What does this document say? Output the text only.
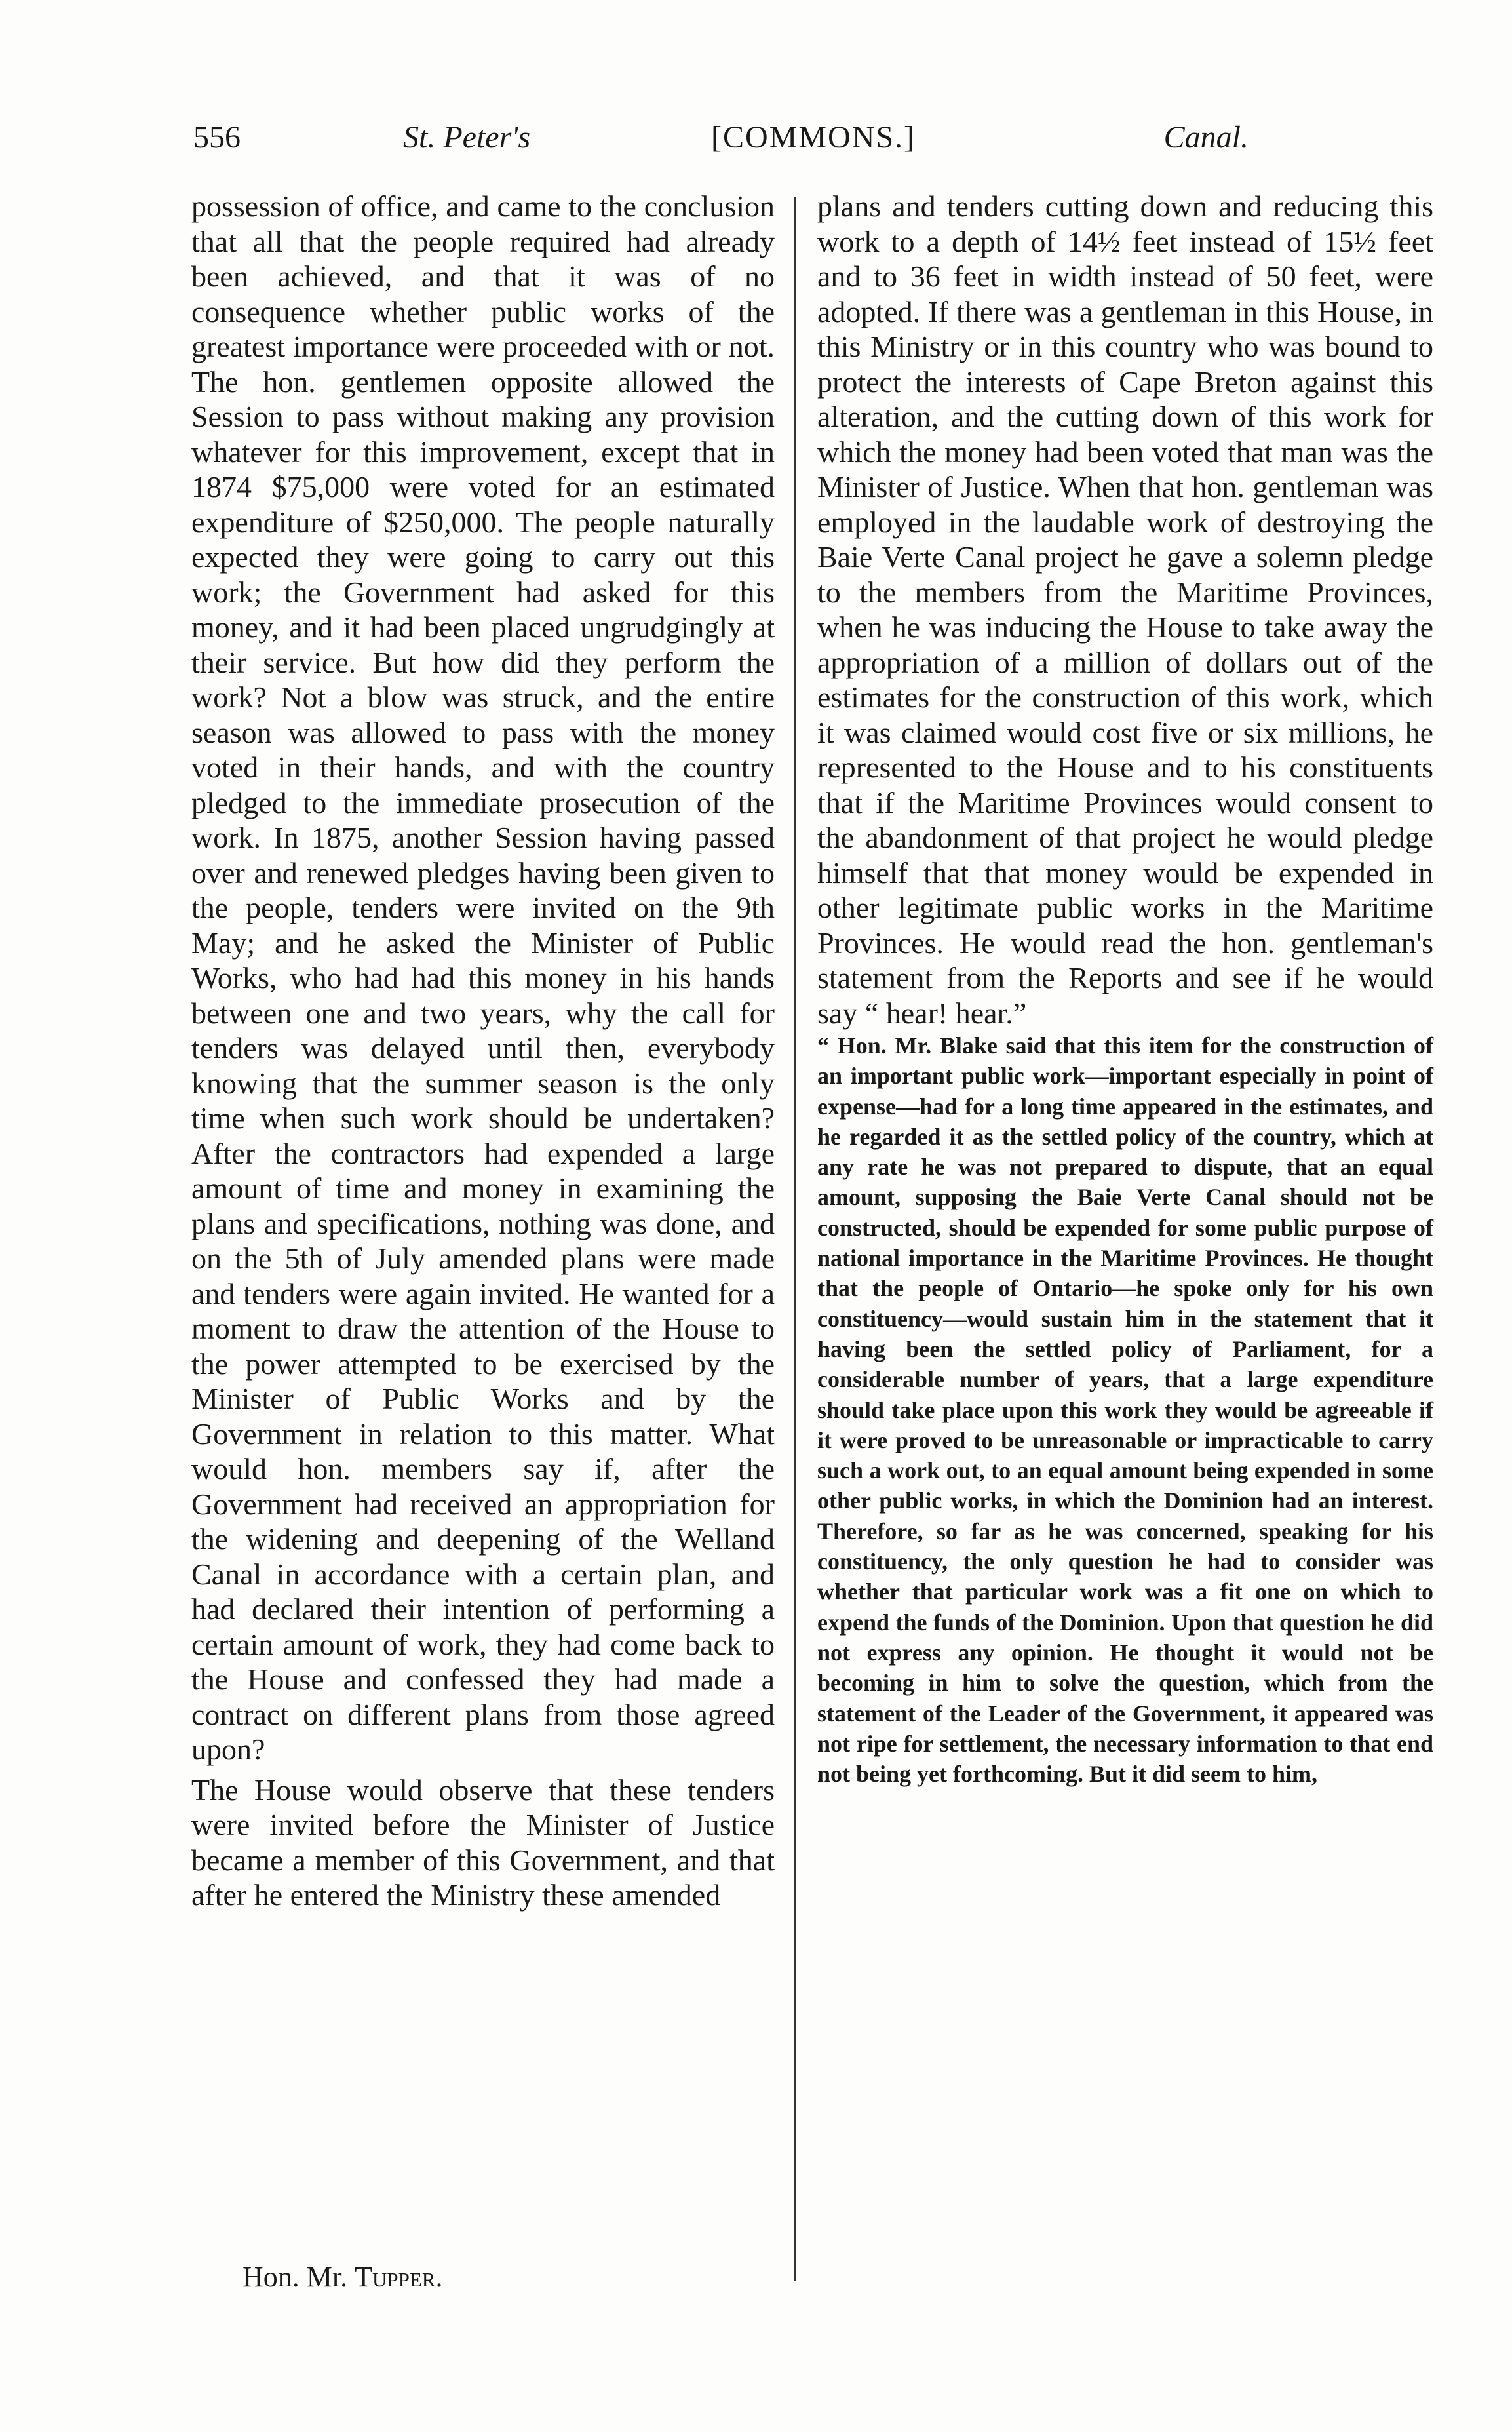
556	St. Peter's	[COMMONS.]	Canal.

possession of office, and came to the conclusion that all that the people required had already been achieved, and that it was of no consequence whether public works of the greatest importance were proceeded with or not. The hon. gentlemen opposite allowed the Session to pass without making any provision whatever for this improvement, except that in 1874 $75,000 were voted for an estimated expenditure of $250,000. The people naturally expected they were going to carry out this work; the Government had asked for this money, and it had been placed ungrudgingly at their service. But how did they perform the work? Not a blow was struck, and the entire season was allowed to pass with the money voted in their hands, and with the country pledged to the immediate prosecution of the work. In 1875, another Session having passed over and renewed pledges having been given to the people, tenders were invited on the 9th May; and he asked the Minister of Public Works, who had had this money in his hands between one and two years, why the call for tenders was delayed until then, everybody knowing that the summer season is the only time when such work should be undertaken? After the contractors had expended a large amount of time and money in examining the plans and specifications, nothing was done, and on the 5th of July amended plans were made and tenders were again invited. He wanted for a moment to draw the attention of the House to the power attempted to be exercised by the Minister of Public Works and by the Government in relation to this matter. What would hon. members say if, after the Government had received an appropriation for the widening and deepening of the Welland Canal in accordance with a certain plan, and had declared their intention of performing a certain amount of work, they had come back to the House and confessed they had made a contract on different plans from those agreed upon?

The House would observe that these tenders were invited before the Minister of Justice became a member of this Government, and that after he entered the Ministry these amended

plans and tenders cutting down and reducing this work to a depth of 14½ feet instead of 15½ feet and to 36 feet in width instead of 50 feet, were adopted. If there was a gentleman in this House, in this Ministry or in this country who was bound to protect the interests of Cape Breton against this alteration, and the cutting down of this work for which the money had been voted that man was the Minister of Justice. When that hon. gentleman was employed in the laudable work of destroying the Baie Verte Canal project he gave a solemn pledge to the members from the Maritime Provinces, when he was inducing the House to take away the appropriation of a million of dollars out of the estimates for the construction of this work, which it was claimed would cost five or six millions, he represented to the House and to his constituents that if the Maritime Provinces would consent to the abandonment of that project he would pledge himself that that money would be expended in other legitimate public works in the Maritime Provinces. He would read the hon. gentleman's statement from the Reports and see if he would say “ hear! hear.”

“ Hon. Mr. Blake said that this item for the construction of an important public work—important especially in point of expense—had for a long time appeared in the estimates, and he regarded it as the settled policy of the country, which at any rate he was not prepared to dispute, that an equal amount, supposing the Baie Verte Canal should not be constructed, should be expended for some public purpose of national importance in the Maritime Provinces. He thought that the people of Ontario—he spoke only for his own constituency—would sustain him in the statement that it having been the settled policy of Parliament, for a considerable number of years, that a large expenditure should take place upon this work they would be agreeable if it were proved to be unreasonable or impracticable to carry such a work out, to an equal amount being expended in some other public works, in which the Dominion had an interest. Therefore, so far as he was concerned, speaking for his constituency, the only question he had to consider was whether that particular work was a fit one on which to expend the funds of the Dominion. Upon that question he did not express any opinion. He thought it would not be becoming in him to solve the question, which from the statement of the Leader of the Government, it appeared was not ripe for settlement, the necessary information to that end not being yet forthcoming. But it did seem to him,

Hon. Mr. Tupper.
